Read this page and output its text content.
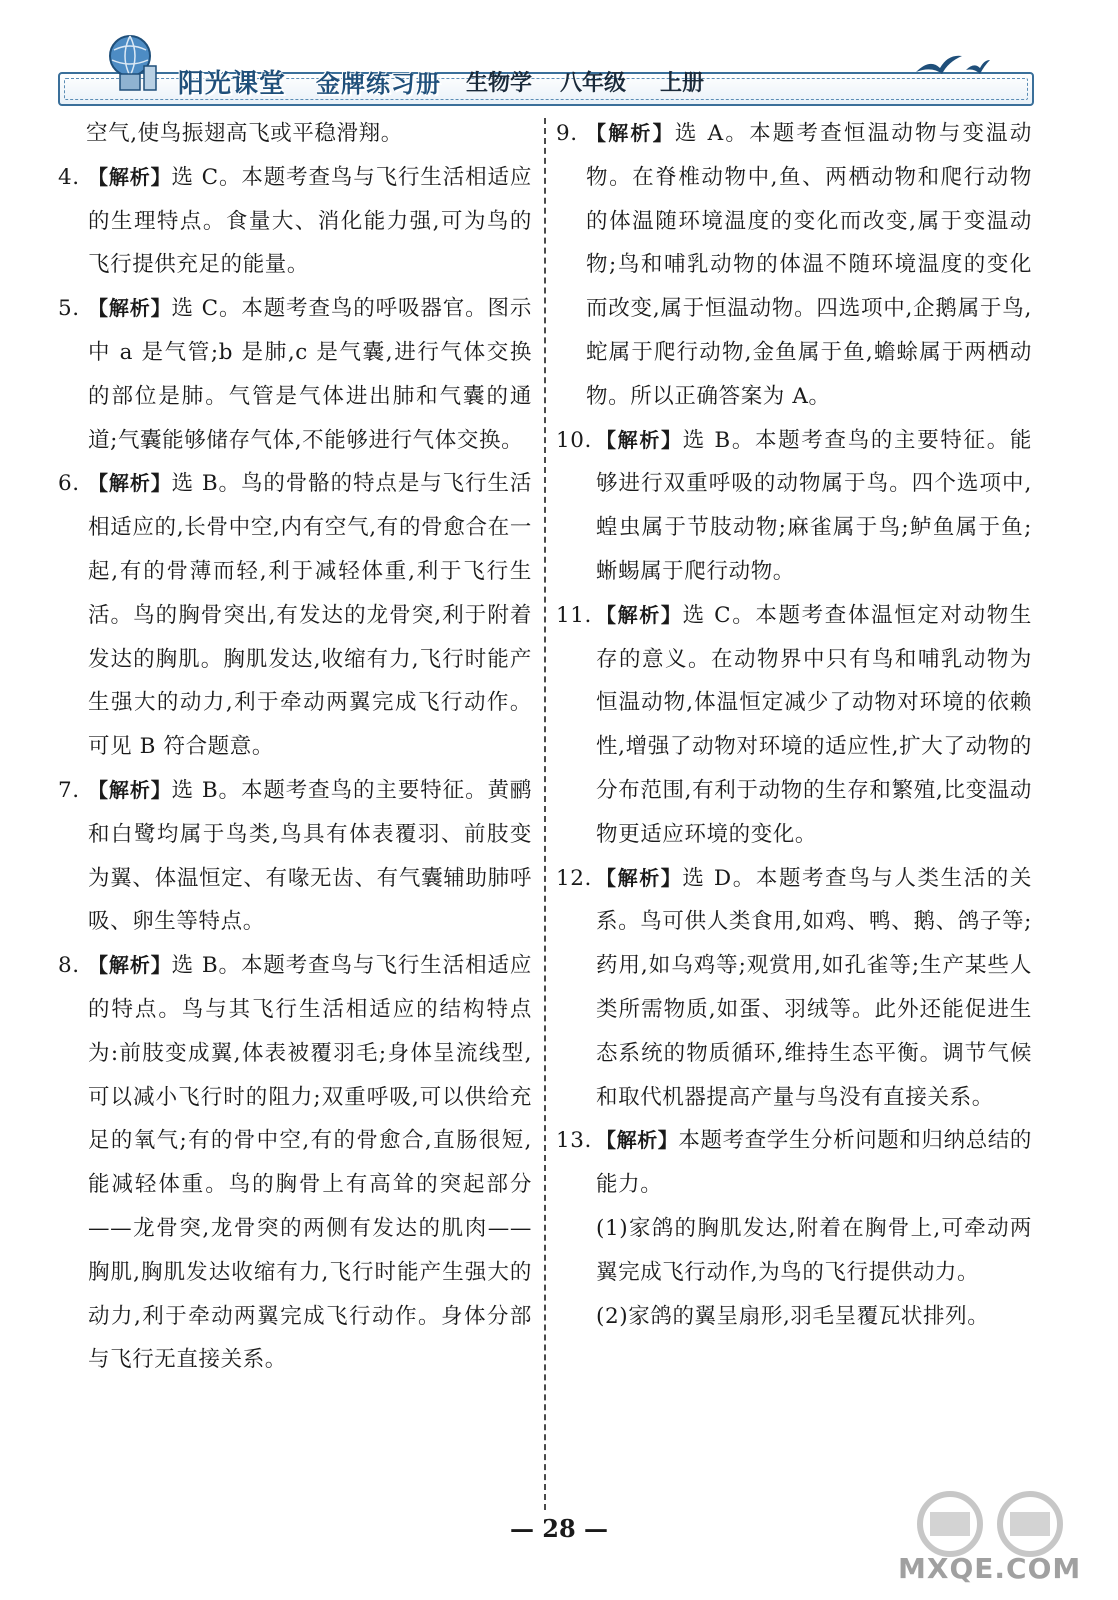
阳光课堂 金牌练习册 生物学 八年级 上册

空气,使鸟振翅高飞或平稳滑翔。

4. 【解析】选 C。本题考查鸟与飞行生活相适应的生理特点。食量大、消化能力强,可为鸟的飞行提供充足的能量。
5. 【解析】选 C。本题考查鸟的呼吸器官。图示中 a 是气管;b 是肺,c 是气囊,进行气体交换的部位是肺。气管是气体进出肺和气囊的通道;气囊能够储存气体,不能够进行气体交换。
6. 【解析】选 B。鸟的骨骼的特点是与飞行生活相适应的,长骨中空,内有空气,有的骨愈合在一起,有的骨薄而轻,利于减轻体重,利于飞行生活。鸟的胸骨突出,有发达的龙骨突,利于附着发达的胸肌。胸肌发达,收缩有力,飞行时能产生强大的动力,利于牵动两翼完成飞行动作。可见 B 符合题意。
7. 【解析】选 B。本题考查鸟的主要特征。黄鹂和白鹭均属于鸟类,鸟具有体表覆羽、前肢变为翼、体温恒定、有喙无齿、有气囊辅助肺呼吸、卵生等特点。
8. 【解析】选 B。本题考查鸟与飞行生活相适应的特点。鸟与其飞行生活相适应的结构特点为:前肢变成翼,体表被覆羽毛;身体呈流线型,可以减小飞行时的阻力;双重呼吸,可以供给充足的氧气;有的骨中空,有的骨愈合,直肠很短,能减轻体重。鸟的胸骨上有高耸的突起部分——龙骨突,龙骨突的两侧有发达的肌肉——胸肌,胸肌发达收缩有力,飞行时能产生强大的动力,利于牵动两翼完成飞行动作。身体分部与飞行无直接关系。
9. 【解析】选 A。本题考查恒温动物与变温动物。在脊椎动物中,鱼、两栖动物和爬行动物的体温随环境温度的变化而改变,属于变温动物;鸟和哺乳动物的体温不随环境温度的变化而改变,属于恒温动物。四选项中,企鹅属于鸟,蛇属于爬行动物,金鱼属于鱼,蟾蜍属于两栖动物。所以正确答案为 A。
10. 【解析】选 B。本题考查鸟的主要特征。能够进行双重呼吸的动物属于鸟。四个选项中,蝗虫属于节肢动物;麻雀属于鸟;鲈鱼属于鱼;蜥蜴属于爬行动物。
11. 【解析】选 C。本题考查体温恒定对动物生存的意义。在动物界中只有鸟和哺乳动物为恒温动物,体温恒定减少了动物对环境的依赖性,增强了动物对环境的适应性,扩大了动物的分布范围,有利于动物的生存和繁殖,比变温动物更适应环境的变化。
12. 【解析】选 D。本题考查鸟与人类生活的关系。鸟可供人类食用,如鸡、鸭、鹅、鸽子等;药用,如乌鸡等;观赏用,如孔雀等;生产某些人类所需物质,如蛋、羽绒等。此外还能促进生态系统的物质循环,维持生态平衡。调节气候和取代机器提高产量与鸟没有直接关系。
13. 【解析】本题考查学生分析问题和归纳总结的能力。

(1)家鸽的胸肌发达,附着在胸骨上,可牵动两翼完成飞行动作,为鸟的飞行提供动力。

(2)家鸽的翼呈扇形,羽毛呈覆瓦状排列。

— 28 —
MXQE.COM
